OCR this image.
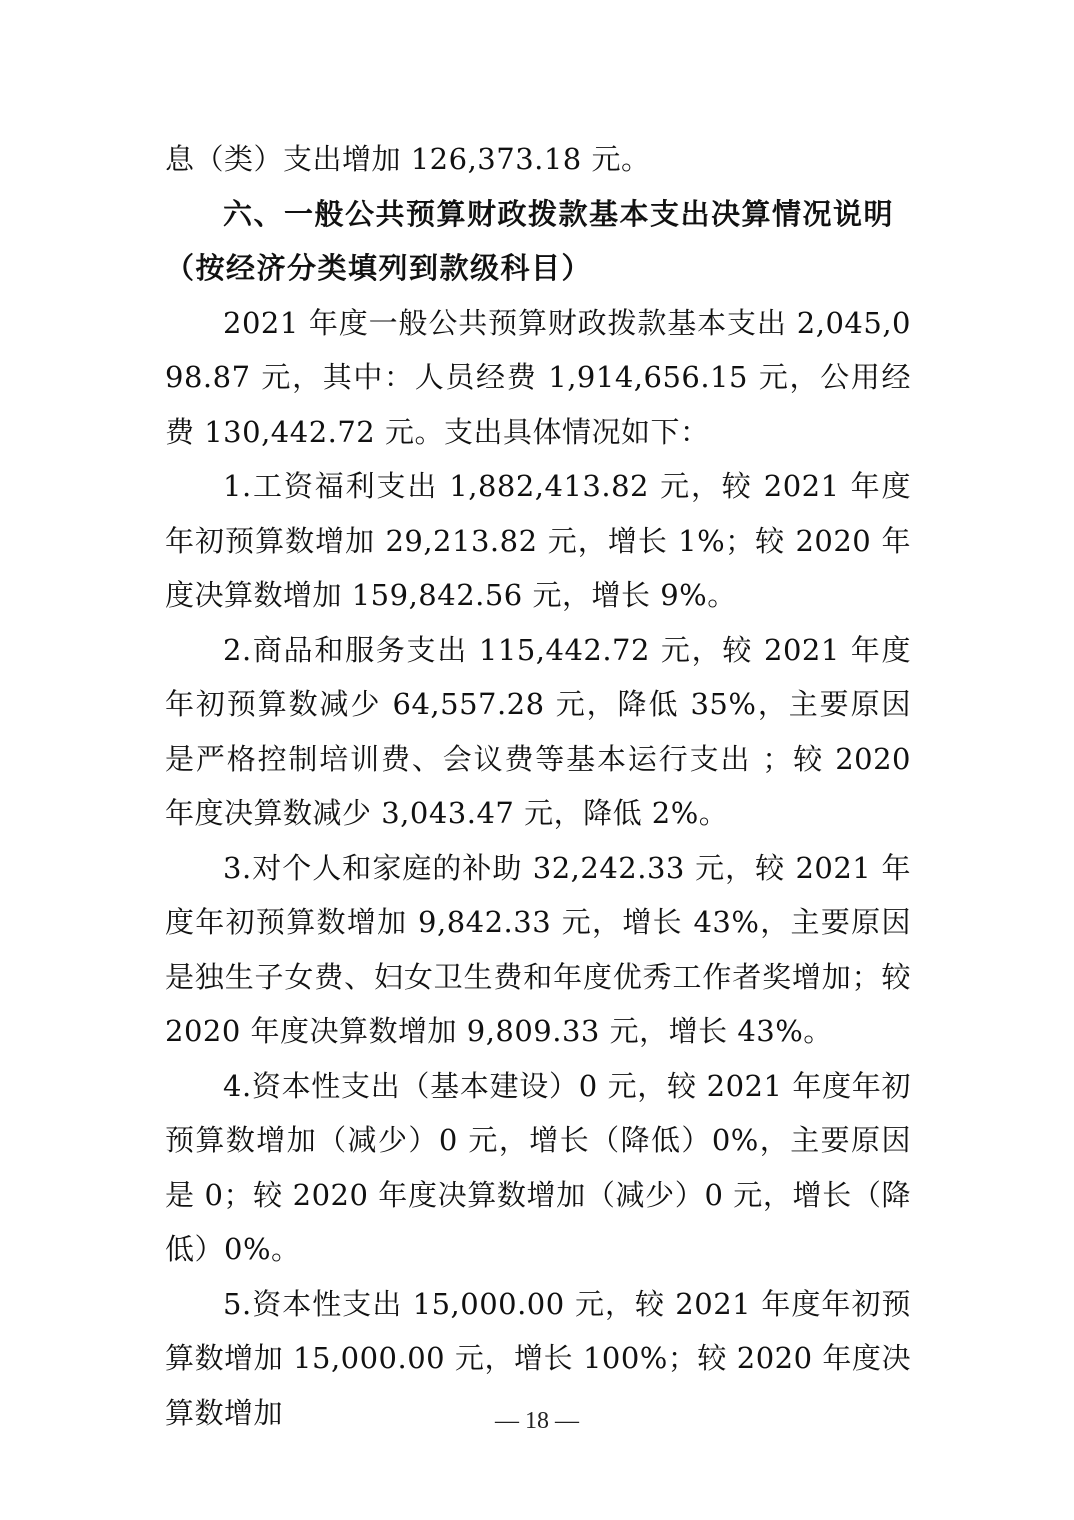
息（类）支出增加 126,373.18 元。

六、一般公共预算财政拨款基本支出决算情况说明（按经济分类填列到款级科目）

2021 年度一般公共预算财政拨款基本支出 2,045,098.87 元，其中：人员经费 1,914,656.15 元，公用经费 130,442.72 元。支出具体情况如下：

1.工资福利支出 1,882,413.82 元，较 2021 年度年初预算数增加 29,213.82 元，增长 1%；较 2020 年度决算数增加 159,842.56 元，增长 9%。

2.商品和服务支出 115,442.72 元，较 2021 年度年初预算数减少 64,557.28 元，降低 35%，主要原因是严格控制培训费、会议费等基本运行支出 ；较 2020 年度决算数减少 3,043.47 元，降低 2%。

3.对个人和家庭的补助 32,242.33 元，较 2021 年度年初预算数增加 9,842.33 元，增长 43%，主要原因是独生子女费、妇女卫生费和年度优秀工作者奖增加；较 2020 年度决算数增加 9,809.33 元，增长 43%。

4.资本性支出（基本建设）0 元，较 2021 年度年初预算数增加（减少）0 元，增长（降低）0%，主要原因是 0；较 2020 年度决算数增加（减少）0 元，增长（降低）0%。

5.资本性支出 15,000.00 元，较 2021 年度年初预算数增加 15,000.00 元，增长 100%；较 2020 年度决算数增加	— 18 —
